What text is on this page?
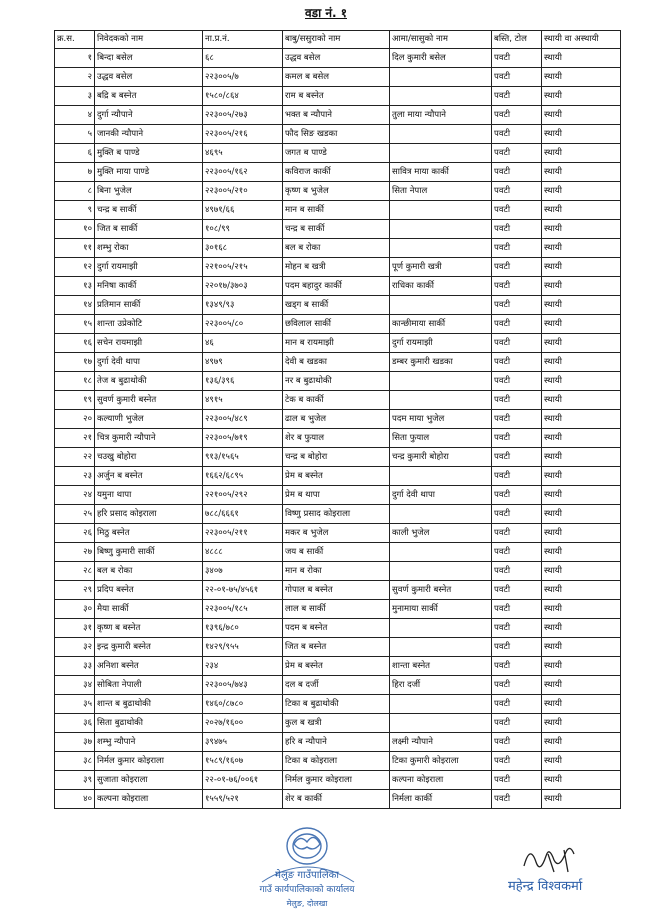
वडा नं. १
क्र.स.	निवेदकको नाम	ना.प्र.नं.	बाबु/ससुराको नाम	आमा/सासुको नाम	बस्ति, टोल	स्थायी वा अस्थायी
१	बिन्दा बसेल	६८	उद्धव बसेल	दिल कुमारी बसेल	पवटी	स्थायी
२	उद्धव बसेल	२२३००५/७	कमल ब बसेल		पवटी	स्थायी
३	बद्रि ब बस्नेत	१५८०/८६४	राम ब बस्नेत		पवटी	स्थायी
४	दुर्गा न्यौपाने	२२३००५/२७३	भक्त ब न्यौपाने	तुला माया न्यौपाने	पवटी	स्थायी
५	जानकी न्यौपाने	२२३००५/२१६	फौद सिङ खडका		पवटी	स्थायी
६	मुक्ति ब पाण्डे	४६९५	जगत ब पाण्डे		पवटी	स्थायी
७	मुक्ति माया पाण्डे	२२३००५/१६२	कविराज कार्की	सावित्र माया कार्की	पवटी	स्थायी
८	बिना भुजेल	२२३००५/२१०	कृष्ण ब भुजेल	सिता नेपाल	पवटी	स्थायी
९	चन्द्र ब सार्की	४९७१/६६	मान ब सार्की		पवटी	स्थायी
१०	जित ब सार्की	१०८/९९	चन्द्र ब सार्की		पवटी	स्थायी
११	शम्भु रोका	३०१६८	बल ब रोका		पवटी	स्थायी
१२	दुर्गा रायमाझी	२२१००५/२१५	मोहन ब खत्री	पूर्ण कुमारी खत्री	पवटी	स्थायी
१३	मनिषा कार्की	२२०१७/३७०३	पदम बहादुर कार्की	राधिका कार्की	पवटी	स्थायी
१४	प्रतिमान सार्की	१३४९/९३	खड्ग ब सार्की		पवटी	स्थायी
१५	शान्ता उप्रेकोटि	२२३००५/८०	छविलाल सार्की	कान्छीमाया सार्की	पवटी	स्थायी
१६	सचेन रायमाझी	४६	मान ब रायमाझी	दुर्गा रायमाझी	पवटी	स्थायी
१७	दुर्गा देवी थापा	४९७९	देवी ब खडका	डम्बर कुमारी खडका	पवटी	स्थायी
१८	तेज ब बुढाथोकी	१३६/३९६	नर ब बुढाथोकी		पवटी	स्थायी
१९	सुवर्ण कुमारी बस्नेत	४९१५	टेक ब कार्की		पवटी	स्थायी
२०	कल्याणी भुजेल	२२३००५/४८९	ढाल ब भुजेल	पदम माया भुजेल	पवटी	स्थायी
२१	चित्र कुमारी न्यौपाने	२२३००५/७१९	शेर ब फुयाल	सिता फुयाल	पवटी	स्थायी
२२	चउखु बोहोरा	९१३/१५६५	चन्द्र ब बोहोरा	चन्द्र कुमारी बोहोरा	पवटी	स्थायी
२३	अर्जुन ब बस्नेत	१६६२/६८९५	प्रेम ब बस्नेत		पवटी	स्थायी
२४	यमुना थापा	२२१००५/२९२	प्रेम ब थापा	दुर्गा देवी थापा	पवटी	स्थायी
२५	हरि प्रसाद कोइराला	७८८/६६६१	विष्णु प्रसाद कोइराला		पवटी	स्थायी
२६	मिठु बस्नेत	२२३००५/२११	मकर ब भुजेल	काली भुजेल	पवटी	स्थायी
२७	बिष्णु कुमारी सार्की	४८८८	जय ब सार्की		पवटी	स्थायी
२८	बल ब रोका	३४०७	मान ब रोका		पवटी	स्थायी
२९	प्रदिप बस्नेत	२२-०१-७५/४५६१	गोपाल ब बस्नेत	सुवर्ण कुमारी बस्नेत	पवटी	स्थायी
३०	मैया सार्की	२२३००५/१८५	लाल ब सार्की	मुनामाया सार्की	पवटी	स्थायी
३१	कृष्ण ब बस्नेत	१३९६/७८०	पदम ब बस्नेत		पवटी	स्थायी
३२	इन्द्र कुमारी बस्नेत	१४२९/९५५	जित ब बस्नेत		पवटी	स्थायी
३३	अनिशा बस्नेत	२३४	प्रेम ब बस्नेत	शान्ता बस्नेत	पवटी	स्थायी
३४	सोबिता नेपाली	२२३००५/७४३	दल ब दर्जी	हिरा दर्जी	पवटी	स्थायी
३५	शान्त ब बुढाथोकी	१४६०/८७८०	टिका ब बुढाथोकी		पवटी	स्थायी
३६	सिता बुढाथोकी	२०२७/१६००	कुल ब खत्री		पवटी	स्थायी
३७	शम्भु न्यौपाने	३९४७५	हरि ब न्यौपाने	लक्ष्मी न्यौपाने	पवटी	स्थायी
३८	निर्मल कुमार कोइराला	१५८९/१६०७	टिका ब कोइराला	टिका कुमारी कोइराला	पवटी	स्थायी
३९	सुजाता कोइराला	२२-०१-७६/००६१	निर्मल कुमार कोइराला	कल्पना कोइराला	पवटी	स्थायी
४०	कल्पना कोइराला	१५५९/५२१	शेर ब कार्की	निर्मला कार्की	पवटी	स्थायी
मेलुङ गाउँपालिका
गाउँ कार्यपालिकाको कार्यालय
मेलुङ, दोलखा
महेन्द्र विश्वकर्मा
